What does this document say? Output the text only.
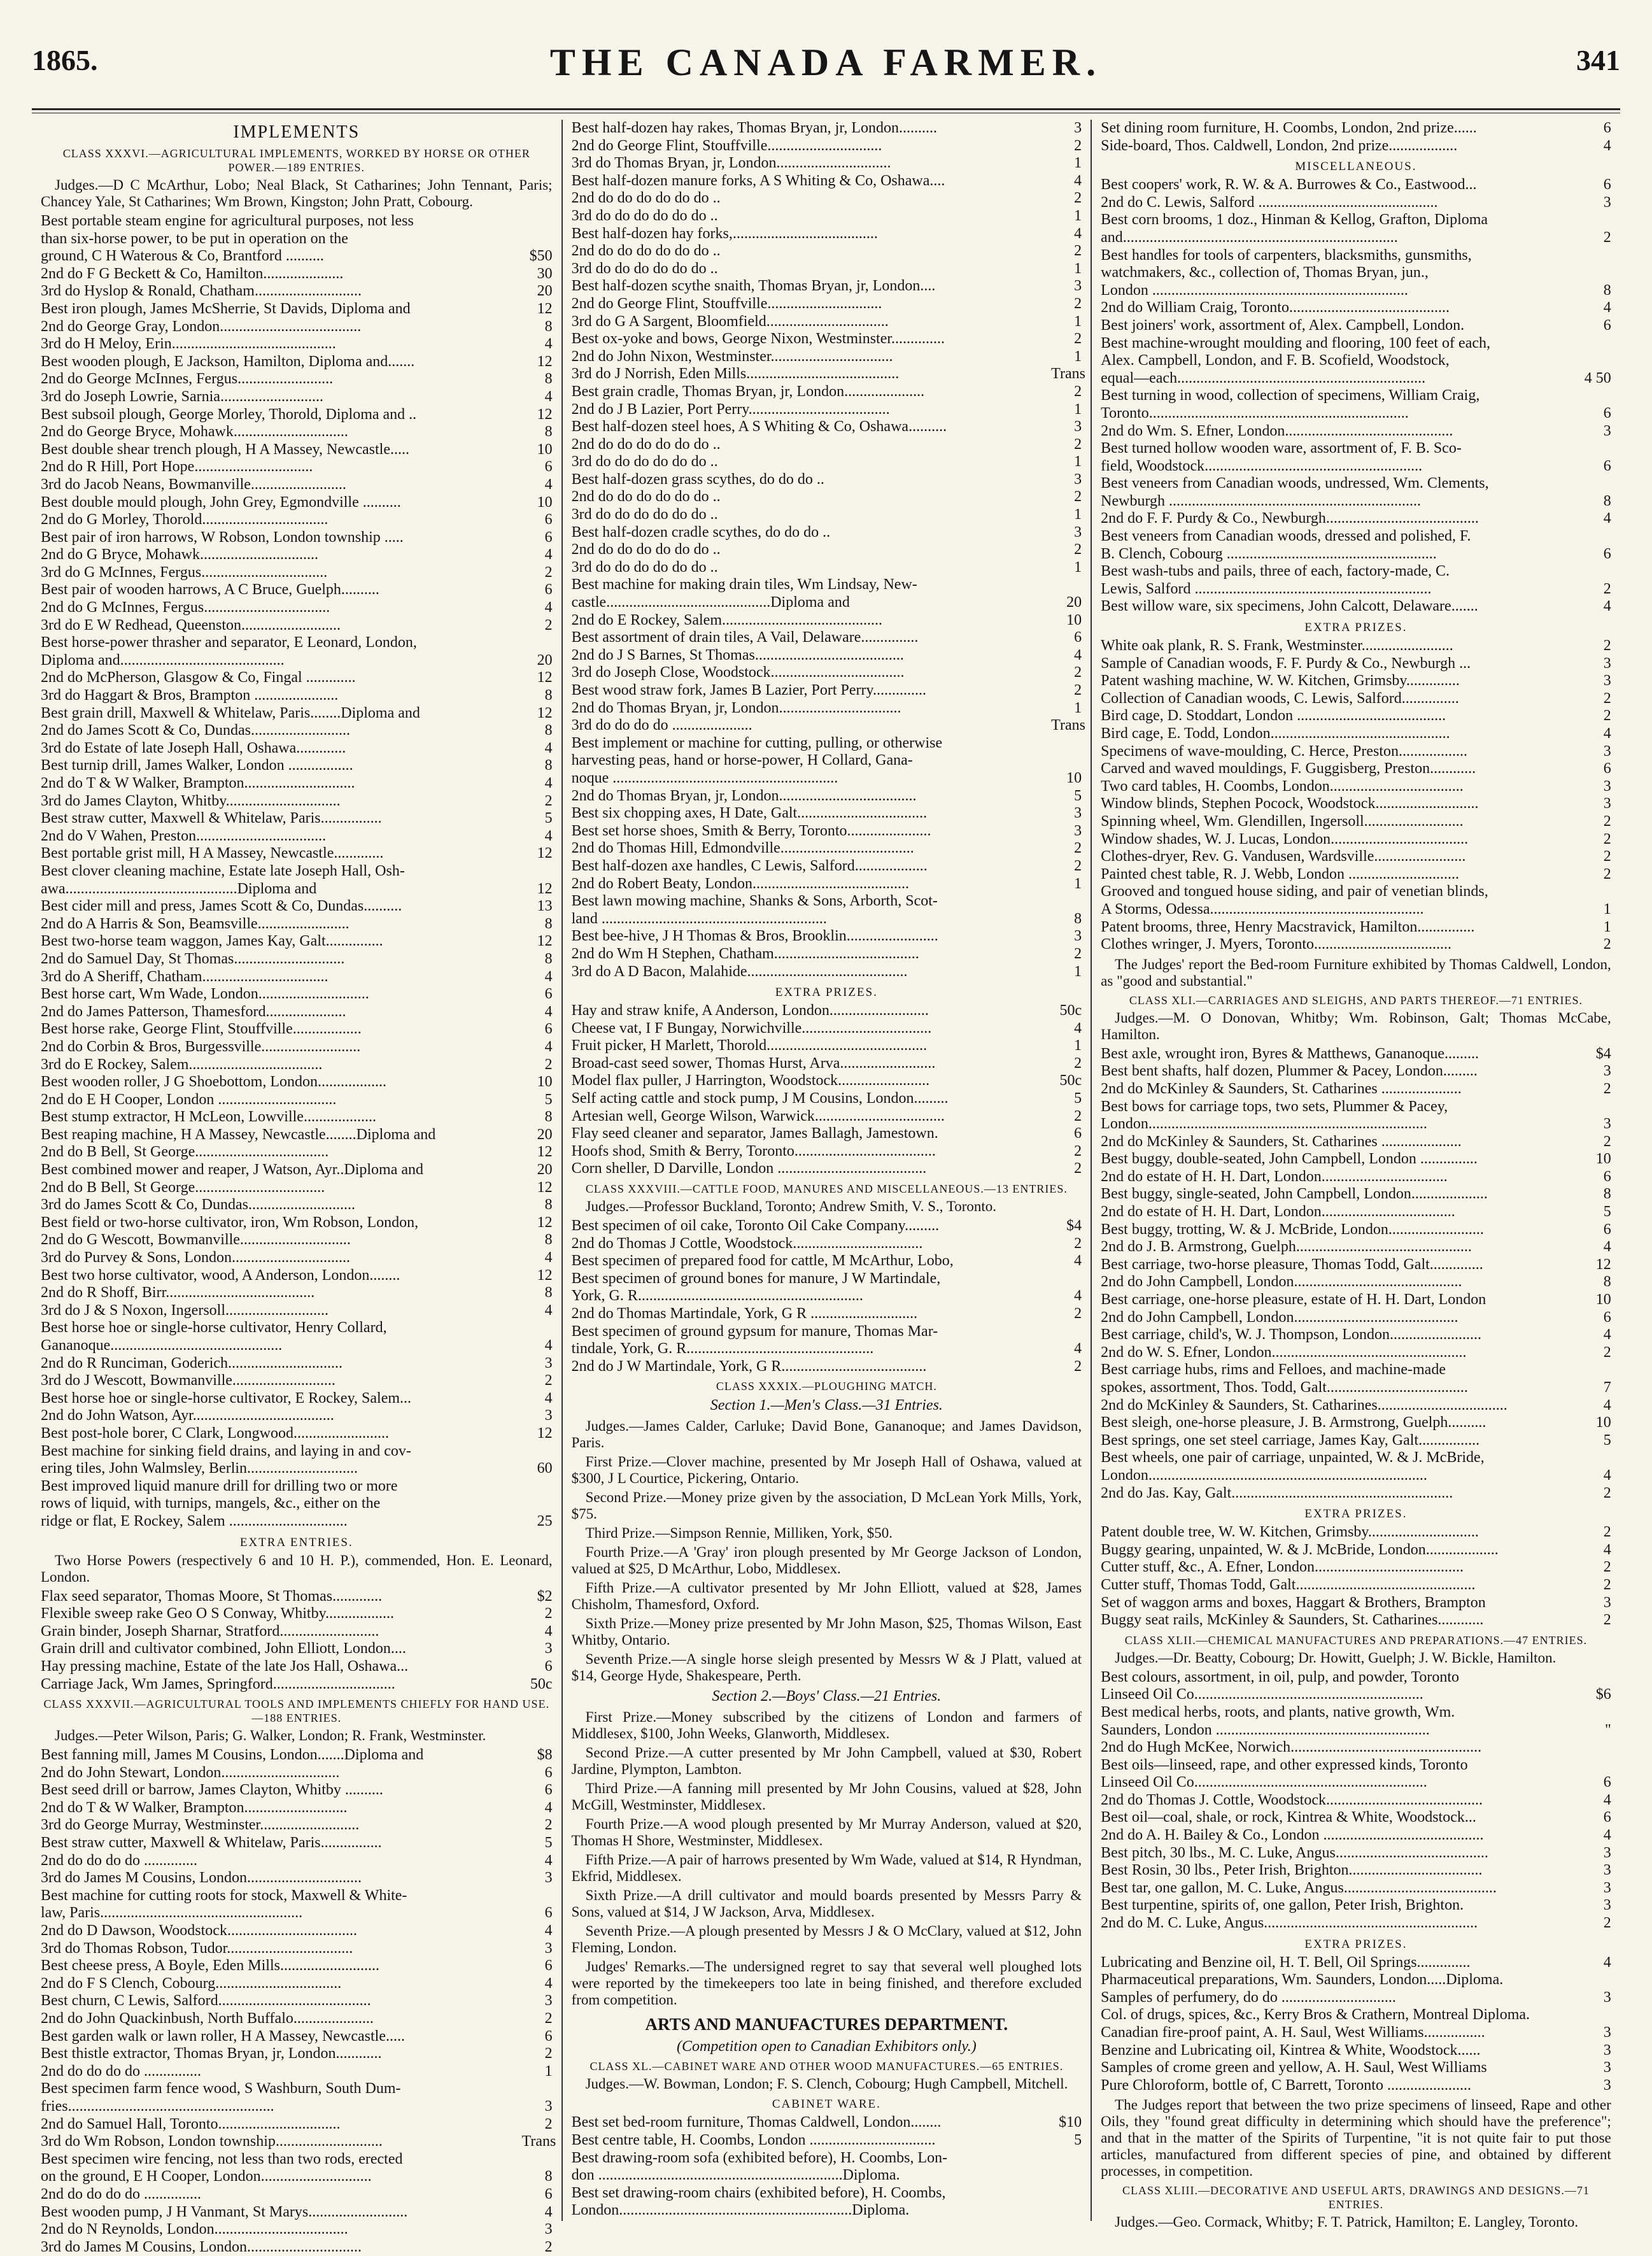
1865.	THE CANADA FARMER.	341
IMPLEMENTS
CLASS XXXVI.—AGRICULTURAL IMPLEMENTS, WORKED BY HORSE OR OTHER POWER.—189 ENTRIES.
Judges.—D C McArthur, Lobo; Neal Black, St Catharines; John Tennant, Paris; Chancey Yale, St Catharines; Wm Brown, Kingston; John Pratt, Cobourg.
Best portable steam engine for agricultural purposes, not less
than six-horse power, to be put in operation on the
ground, C H Waterous & Co, Brantford ..........	$50
2nd do F G Beckett & Co, Hamilton.....................	30
3rd do Hyslop & Ronald, Chatham............................	20
Best iron plough, James McSherrie, St Davids, Diploma and	12
2nd do George Gray, London.....................................	8
3rd do H Meloy, Erin...........................................	4
Best wooden plough, E Jackson, Hamilton, Diploma and.......	12
2nd do George McInnes, Fergus.........................	8
3rd do Joseph Lowrie, Sarnia...........................	4
Best subsoil plough, George Morley, Thorold, Diploma and ..	12
2nd do George Bryce, Mohawk..............................	8
Best double shear trench plough, H A Massey, Newcastle.....	10
2nd do R Hill, Port Hope...............................	6
3rd do Jacob Neans, Bowmanville.........................	4
Best double mould plough, John Grey, Egmondville ..........	10
2nd do G Morley, Thorold.................................	6
Best pair of iron harrows, W Robson, London township .....	6
2nd do G Bryce, Mohawk...............................	4
3rd do G McInnes, Fergus.................................	2
Best pair of wooden harrows, A C Bruce, Guelph..........	6
2nd do G McInnes, Fergus.................................	4
3rd do E W Redhead, Queenston..........................	2
Best horse-power thrasher and separator, E Leonard, London,
Diploma and...........................................	20
2nd do McPherson, Glasgow & Co, Fingal .............	12
3rd do Haggart & Bros, Brampton ......................	8
Best grain drill, Maxwell & Whitelaw, Paris........Diploma and	12
2nd do James Scott & Co, Dundas..........................	8
3rd do Estate of late Joseph Hall, Oshawa.............	4
Best turnip drill, James Walker, London .................	8
2nd do T & W Walker, Brampton.............................	4
3rd do James Clayton, Whitby..............................	2
Best straw cutter, Maxwell & Whitelaw, Paris................	5
2nd do V Wahen, Preston..................................	4
Best portable grist mill, H A Massey, Newcastle.............	12
Best clover cleaning machine, Estate late Joseph Hall, Osh-
awa.............................................Diploma and	12
Best cider mill and press, James Scott & Co, Dundas..........	13
2nd do A Harris & Son, Beamsville........................	8
Best two-horse team waggon, James Kay, Galt...............	12
2nd do Samuel Day, St Thomas.............................	8
3rd do A Sheriff, Chatham.................................	4
Best horse cart, Wm Wade, London.............................	6
2nd do James Patterson, Thamesford.....................	4
Best horse rake, George Flint, Stouffville..................	6
2nd do Corbin & Bros, Burgessville..........................	4
3rd do E Rockey, Salem...................................	2
Best wooden roller, J G Shoebottom, London..................	10
2nd do E H Cooper, London ...............................	5
Best stump extractor, H McLeon, Lowville...................	8
Best reaping machine, H A Massey, Newcastle........Diploma and	20
2nd do B Bell, St George...................................	12
Best combined mower and reaper, J Watson, Ayr..Diploma and	20
2nd do B Bell, St George..................................	12
3rd do James Scott & Co, Dundas............................	8
Best field or two-horse cultivator, iron, Wm Robson, London,	12
2nd do G Wescott, Bowmanville.............................	8
3rd do Purvey & Sons, London...............................	4
Best two horse cultivator, wood, A Anderson, London........	12
2nd do R Shoff, Birr.......................................	8
3rd do J & S Noxon, Ingersoll...........................	4
Best horse hoe or single-horse cultivator, Henry Collard,
Gananoque.............................................	4
2nd do R Runciman, Goderich..............................	3
3rd do J Wescott, Bowmanville...........................	2
Best horse hoe or single-horse cultivator, E Rockey, Salem...	4
2nd do John Watson, Ayr.....................................	3
Best post-hole borer, C Clark, Longwood.........................	12
Best machine for sinking field drains, and laying in and cov-
ering tiles, John Walmsley, Berlin.............................	60
Best improved liquid manure drill for drilling two or more
rows of liquid, with turnips, mangels, &c., either on the
ridge or flat, E Rockey, Salem ...............................	25
EXTRA ENTRIES.
Two Horse Powers (respectively 6 and 10 H. P.), commended, Hon. E. Leonard, London.
Flax seed separator, Thomas Moore, St Thomas.............	$2
Flexible sweep rake Geo O S Conway, Whitby..................	2
Grain binder, Joseph Sharnar, Stratford..........................	4
Grain drill and cultivator combined, John Elliott, London....	3
Hay pressing machine, Estate of the late Jos Hall, Oshawa...	6
Carriage Jack, Wm James, Springford................................	50c
CLASS XXXVII.—AGRICULTURAL TOOLS AND IMPLEMENTS CHIEFLY FOR HAND USE.—188 ENTRIES.
Judges.—Peter Wilson, Paris; G. Walker, London; R. Frank, Westminster.
Best fanning mill, James M Cousins, London.......Diploma and	$8
2nd do John Stewart, London...............................	6
Best seed drill or barrow, James Clayton, Whitby ..........	6
2nd do T & W Walker, Brampton...........................	4
3rd do George Murray, Westminster..........................	2
Best straw cutter, Maxwell & Whitelaw, Paris................	5
2nd do do do do ..............	4
3rd do James M Cousins, London..............................	3
Best machine for cutting roots for stock, Maxwell & White-
law, Paris.....................................................	6
2nd do D Dawson, Woodstock..................................	4
3rd do Thomas Robson, Tudor.................................	3
Best cheese press, A Boyle, Eden Mills..........................	6
2nd do F S Clench, Cobourg.................................	4
Best churn, C Lewis, Salford........................................	3
2nd do John Quackinbush, North Buffalo.....................	2
Best garden walk or lawn roller, H A Massey, Newcastle.....	6
Best thistle extractor, Thomas Bryan, jr, London............	2
2nd do do do do ...............	1
Best specimen farm fence wood, S Washburn, South Dum-
fries......................................................	3
2nd do Samuel Hall, Toronto................................	2
3rd do Wm Robson, London township............................	Trans
Best specimen wire fencing, not less than two rods, erected
on the ground, E H Cooper, London.............................	8
2nd do do do do ...............	6
Best wooden pump, J H Vanmant, St Marys..........................	4
2nd do N Reynolds, London...................................	3
3rd do James M Cousins, London..............................	2
Best half-dozen hay rakes, Thomas Bryan, jr, London..........	3
2nd do George Flint, Stouffville..............................	2
3rd do Thomas Bryan, jr, London..............................	1
Best half-dozen manure forks, A S Whiting & Co, Oshawa....	4
2nd do do do do do do ..	2
3rd do do do do do do ..	1
Best half-dozen hay forks,......................................	4
2nd do do do do do do ..	2
3rd do do do do do do ..	1
Best half-dozen scythe snaith, Thomas Bryan, jr, London....	3
2nd do George Flint, Stouffville..............................	2
3rd do G A Sargent, Bloomfield................................	1
Best ox-yoke and bows, George Nixon, Westminster..............	2
2nd do John Nixon, Westminster................................	1
3rd do J Norrish, Eden Mills........................................	Trans
Best grain cradle, Thomas Bryan, jr, London.....................	2
2nd do J B Lazier, Port Perry.....................................	1
Best half-dozen steel hoes, A S Whiting & Co, Oshawa..........	3
2nd do do do do do do ..	2
3rd do do do do do do ..	1
Best half-dozen grass scythes, do do do ..	3
2nd do do do do do do ..	2
3rd do do do do do do ..	1
Best half-dozen cradle scythes, do do do ..	3
2nd do do do do do do ..	2
3rd do do do do do do ..	1
Best machine for making drain tiles, Wm Lindsay, New-
castle...........................................Diploma and	20
2nd do E Rockey, Salem..........................................	10
Best assortment of drain tiles, A Vail, Delaware...............	6
2nd do J S Barnes, St Thomas.......................................	4
3rd do Joseph Close, Woodstock...................................	2
Best wood straw fork, James B Lazier, Port Perry..............	2
2nd do Thomas Bryan, jr, London................................	1
3rd do do do do .....................	Trans
Best implement or machine for cutting, pulling, or otherwise
harvesting peas, hand or horse-power, H Collard, Gana-
noque ...........................................................	10
2nd do Thomas Bryan, jr, London....................................	5
Best six chopping axes, H Date, Galt..................................	3
Best set horse shoes, Smith & Berry, Toronto......................	3
2nd do Thomas Hill, Edmondville...................................	2
Best half-dozen axe handles, C Lewis, Salford...................	2
2nd do Robert Beaty, London.........................................	1
Best lawn mowing machine, Shanks & Sons, Arborth, Scot-
land ...........................................................	8
Best bee-hive, J H Thomas & Bros, Brooklin........................	3
2nd do Wm H Stephen, Chatham......................................	2
3rd do A D Bacon, Malahide..........................................	1
EXTRA PRIZES.
Hay and straw knife, A Anderson, London..........................	50c
Cheese vat, I F Bungay, Norwichville..................................	4
Fruit picker, H Marlett, Thorold..........................................	1
Broad-cast seed sower, Thomas Hurst, Arva.........................	2
Model flax puller, J Harrington, Woodstock........................	50c
Self acting cattle and stock pump, J M Cousins, London.........	5
Artesian well, George Wilson, Warwick..................................	2
Flay seed cleaner and separator, James Ballagh, Jamestown.	6
Hoofs shod, Smith & Berry, Toronto.....................................	2
Corn sheller, D Darville, London .......................................	2
CLASS XXXVIII.—CATTLE FOOD, MANURES AND MISCELLANEOUS.—13 ENTRIES.
Judges.—Professor Buckland, Toronto; Andrew Smith, V. S., Toronto.
Best specimen of oil cake, Toronto Oil Cake Company.........	$4
2nd do Thomas J Cottle, Woodstock..................................	2
Best specimen of prepared food for cattle, M McArthur, Lobo,	4
Best specimen of ground bones for manure, J W Martindale,
York, G. R...........................................................	4
2nd do Thomas Martindale, York, G R ............................	2
Best specimen of ground gypsum for manure, Thomas Mar-
tindale, York, G. R.................................................	4
2nd do J W Martindale, York, G R......................................	2
CLASS XXXIX.—PLOUGHING MATCH.
Section 1.—Men's Class.—31 Entries.
Judges.—James Calder, Carluke; David Bone, Gananoque; and James Davidson, Paris.
First Prize.—Clover machine, presented by Mr Joseph Hall of Oshawa, valued at $300, J L Courtice, Pickering, Ontario.
Second Prize.—Money prize given by the association, D McLean York Mills, York, $75.
Third Prize.—Simpson Rennie, Milliken, York, $50.
Fourth Prize.—A 'Gray' iron plough presented by Mr George Jackson of London, valued at $25, D McArthur, Lobo, Middlesex.
Fifth Prize.—A cultivator presented by Mr John Elliott, valued at $28, James Chisholm, Thamesford, Oxford.
Sixth Prize.—Money prize presented by Mr John Mason, $25, Thomas Wilson, East Whitby, Ontario.
Seventh Prize.—A single horse sleigh presented by Messrs W & J Platt, valued at $14, George Hyde, Shakespeare, Perth.
Section 2.—Boys' Class.—21 Entries.
First Prize.—Money subscribed by the citizens of London and farmers of Middlesex, $100, John Weeks, Glanworth, Middlesex.
Second Prize.—A cutter presented by Mr John Campbell, valued at $30, Robert Jardine, Plympton, Lambton.
Third Prize.—A fanning mill presented by Mr John Cousins, valued at $28, John McGill, Westminster, Middlesex.
Fourth Prize.—A wood plough presented by Mr Murray Anderson, valued at $20, Thomas H Shore, Westminster, Middlesex.
Fifth Prize.—A pair of harrows presented by Wm Wade, valued at $14, R Hyndman, Ekfrid, Middlesex.
Sixth Prize.—A drill cultivator and mould boards presented by Messrs Parry & Sons, valued at $14, J W Jackson, Arva, Middlesex.
Seventh Prize.—A plough presented by Messrs J & O McClary, valued at $12, John Fleming, London.
Judges' Remarks.—The undersigned regret to say that several well ploughed lots were reported by the timekeepers too late in being finished, and therefore excluded from competition.
ARTS AND MANUFACTURES DEPARTMENT.
(Competition open to Canadian Exhibitors only.)
CLASS XL.—CABINET WARE AND OTHER WOOD MANUFACTURES.—65 ENTRIES.
Judges.—W. Bowman, London; F. S. Clench, Cobourg; Hugh Campbell, Mitchell.
CABINET WARE.
Best set bed-room furniture, Thomas Caldwell, London........	$10
Best centre table, H. Coombs, London .................................	5
Best drawing-room sofa (exhibited before), H. Coombs, Lon-
don ................................................................Diploma.
Best set drawing-room chairs (exhibited before), H. Coombs,
London.............................................................Diploma.
Set dining room furniture, H. Coombs, London, 2nd prize......	6
Side-board, Thos. Caldwell, London, 2nd prize..................	4
MISCELLANEOUS.
Best coopers' work, R. W. & A. Burrowes & Co., Eastwood...	6
2nd do C. Lewis, Salford ...............................................	3
Best corn brooms, 1 doz., Hinman & Kellog, Grafton, Diploma
and........................................................................	2
Best handles for tools of carpenters, blacksmiths, gunsmiths,
watchmakers, &c., collection of, Thomas Bryan, jun.,
London ...................................................................	8
2nd do William Craig, Toronto..........................................	4
Best joiners' work, assortment of, Alex. Campbell, London.	6
Best machine-wrought moulding and flooring, 100 feet of each,
Alex. Campbell, London, and F. B. Scofield, Woodstock,
equal—each.................................................................	4 50
Best turning in wood, collection of specimens, William Craig,
Toronto....................................................................	6
2nd do Wm. S. Efner, London............................................	3
Best turned hollow wooden ware, assortment of, F. B. Sco-
field, Woodstock.........................................................	6
Best veneers from Canadian woods, undressed, Wm. Clements,
Newburgh ..................................................................	8
2nd do F. F. Purdy & Co., Newburgh........................................	4
Best veneers from Canadian woods, dressed and polished, F.
B. Clench, Cobourg .......................................................	6
Best wash-tubs and pails, three of each, factory-made, C.
Lewis, Salford ..............................................................	2
Best willow ware, six specimens, John Calcott, Delaware.......	4
EXTRA PRIZES.
White oak plank, R. S. Frank, Westminster........................	2
Sample of Canadian woods, F. F. Purdy & Co., Newburgh ...	3
Patent washing machine, W. W. Kitchen, Grimsby..............	3
Collection of Canadian woods, C. Lewis, Salford...............	2
Bird cage, D. Stoddart, London .......................................	2
Bird cage, E. Todd, London...............................................	4
Specimens of wave-moulding, C. Herce, Preston..................	3
Carved and waved mouldings, F. Guggisberg, Preston............	6
Two card tables, H. Coombs, London...................................	3
Window blinds, Stephen Pocock, Woodstock...........................	3
Spinning wheel, Wm. Glendillen, Ingersoll..........................	2
Window shades, W. J. Lucas, London....................................	2
Clothes-dryer, Rev. G. Vandusen, Wardsville........................	2
Painted chest table, R. J. Webb, London .............................	2
Grooved and tongued house siding, and pair of venetian blinds,
A Storms, Odessa........................................................	1
Patent brooms, three, Henry Macstravick, Hamilton...............	1
Clothes wringer, J. Myers, Toronto....................................	2
The Judges' report the Bed-room Furniture exhibited by Thomas Caldwell, London, as "good and substantial."
CLASS XLI.—CARRIAGES AND SLEIGHS, AND PARTS THEREOF.—71 ENTRIES.
Judges.—M. O Donovan, Whitby; Wm. Robinson, Galt; Thomas McCabe, Hamilton.
Best axle, wrought iron, Byres & Matthews, Gananoque.........	$4
Best bent shafts, half dozen, Plummer & Pacey, London.........	3
2nd do McKinley & Saunders, St. Catharines .....................	2
Best bows for carriage tops, two sets, Plummer & Pacey,
London.........................................................................	3
2nd do McKinley & Saunders, St. Catharines .....................	2
Best buggy, double-seated, John Campbell, London ...............	10
2nd do estate of H. H. Dart, London.................................	6
Best buggy, single-seated, John Campbell, London....................	8
2nd do estate of H. H. Dart, London...................................	5
Best buggy, trotting, W. & J. McBride, London.........................	6
2nd do J. B. Armstrong, Guelph..............................................	4
Best carriage, two-horse pleasure, Thomas Todd, Galt..............	12
2nd do John Campbell, London............................................	8
Best carriage, one-horse pleasure, estate of H. H. Dart, London	10
2nd do John Campbell, London...........................................	6
Best carriage, child's, W. J. Thompson, London........................	4
2nd do W. S. Efner, London...................................................	2
Best carriage hubs, rims and Felloes, and machine-made
spokes, assortment, Thos. Todd, Galt.....................................	7
2nd do McKinley & Saunders, St. Catharines..................................	4
Best sleigh, one-horse pleasure, J. B. Armstrong, Guelph..........	10
Best springs, one set steel carriage, James Kay, Galt................	5
Best wheels, one pair of carriage, unpainted, W. & J. McBride,
London.........................................................................	4
2nd do Jas. Kay, Galt..........................................................	2
EXTRA PRIZES.
Patent double tree, W. W. Kitchen, Grimsby.............................	2
Buggy gearing, unpainted, W. & J. McBride, London...................	4
Cutter stuff, &c., A. Efner, London.......................................	2
Cutter stuff, Thomas Todd, Galt...............................................	2
Set of waggon arms and boxes, Haggart & Brothers, Brampton	3
Buggy seat rails, McKinley & Saunders, St. Catharines............	2
CLASS XLII.—CHEMICAL MANUFACTURES AND PREPARATIONS.—47 ENTRIES.
Judges.—Dr. Beatty, Cobourg; Dr. Howitt, Guelph; J. W. Bickle, Hamilton.
Best colours, assortment, in oil, pulp, and powder, Toronto
Linseed Oil Co............................................................	$6
Best medical herbs, roots, and plants, native growth, Wm.
Saunders, London ........................................................	"
2nd do Hugh McKee, Norwich..................................................
Best oils—linseed, rape, and other expressed kinds, Toronto
Linseed Oil Co.............................................................	6
2nd do Thomas J. Cottle, Woodstock.........................................	4
Best oil—coal, shale, or rock, Kintrea & White, Woodstock...	6
2nd do A. H. Bailey & Co., London ..........................................	4
Best pitch, 30 lbs., M. C. Luke, Angus........................................	3
Best Rosin, 30 lbs., Peter Irish, Brighton...................................	3
Best tar, one gallon, M. C. Luke, Angus........................................	3
Best turpentine, spirits of, one gallon, Peter Irish, Brighton.	3
2nd do M. C. Luke, Angus........................................................	2
EXTRA PRIZES.
Lubricating and Benzine oil, H. T. Bell, Oil Springs..............	4
Pharmaceutical preparations, Wm. Saunders, London.....Diploma.
Samples of perfumery, do do ..............................	3
Col. of drugs, spices, &c., Kerry Bros & Crathern, Montreal Diploma.
Canadian fire-proof paint, A. H. Saul, West Williams................	3
Benzine and Lubricating oil, Kintrea & White, Woodstock......	3
Samples of crome green and yellow, A. H. Saul, West Williams	3
Pure Chloroform, bottle of, C Barrett, Toronto ......................	3
The Judges report that between the two prize specimens of linseed, Rape and other Oils, they "found great difficulty in determining which should have the preference"; and that in the matter of the Spirits of Turpentine, "it is not quite fair to put those articles, manufactured from different species of pine, and obtained by different processes, in competition.
CLASS XLIII.—DECORATIVE AND USEFUL ARTS, DRAWINGS AND DESIGNS.—71 ENTRIES.
Judges.—Geo. Cormack, Whitby; F. T. Patrick, Hamilton; E. Langley, Toronto.
